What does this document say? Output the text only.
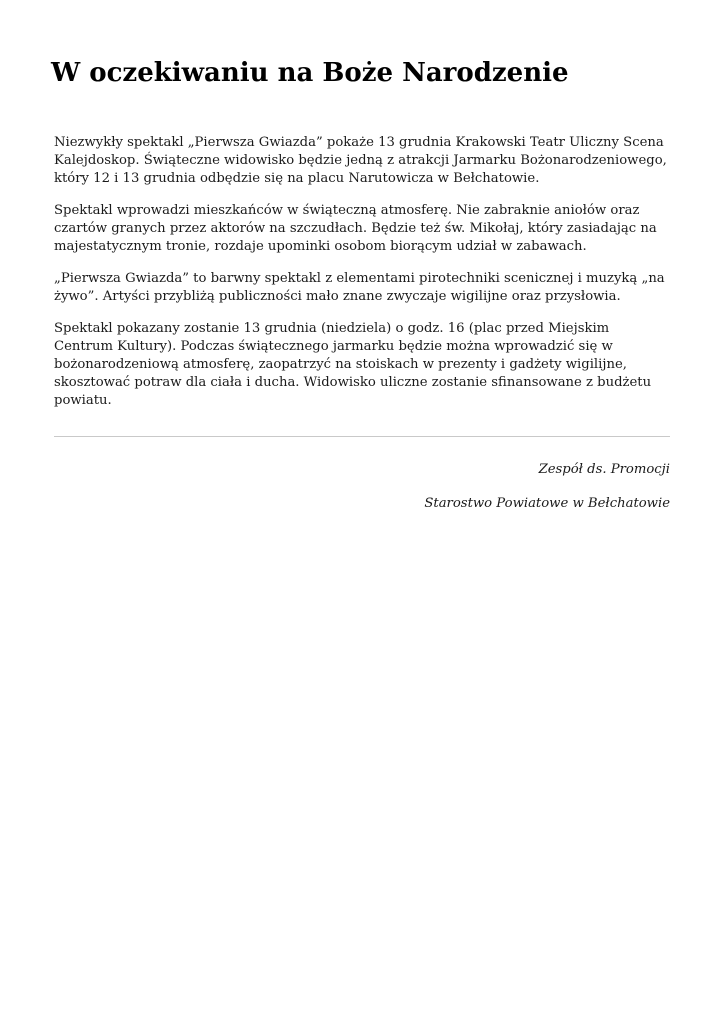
W oczekiwaniu na Boże Narodzenie

Niezwykły spektakl „Pierwsza Gwiazda” pokaże 13 grudnia Krakowski Teatr Uliczny Scena Kalejdoskop. Świąteczne widowisko będzie jedną z atrakcji Jarmarku Bożonarodzeniowego, który 12 i 13 grudnia odbędzie się na placu Narutowicza w Bełchatowie.

Spektakl wprowadzi mieszkańców w świąteczną atmosferę. Nie zabraknie aniołów oraz czartów granych przez aktorów na szczudłach. Będzie też św. Mikołaj, który zasiadając na majestatycznym tronie, rozdaje upominki osobom biorącym udział w zabawach.

„Pierwsza Gwiazda” to barwny spektakl z elementami pirotechniki scenicznej i muzyką „na żywo”. Artyści przybliżą publiczności mało znane zwyczaje wigilijne oraz przysłowia.

Spektakl pokazany zostanie 13 grudnia (niedziela) o godz. 16 (plac przed Miejskim Centrum Kultury). Podczas świątecznego jarmarku będzie można wprowadzić się w bożonarodzeniową atmosferę, zaopatrzyć na stoiskach w prezenty i gadżety wigilijne, skosztować potraw dla ciała i ducha. Widowisko uliczne zostanie sfinansowane z budżetu powiatu.

Zespół ds. Promocji
Starostwo Powiatowe w Bełchatowie
